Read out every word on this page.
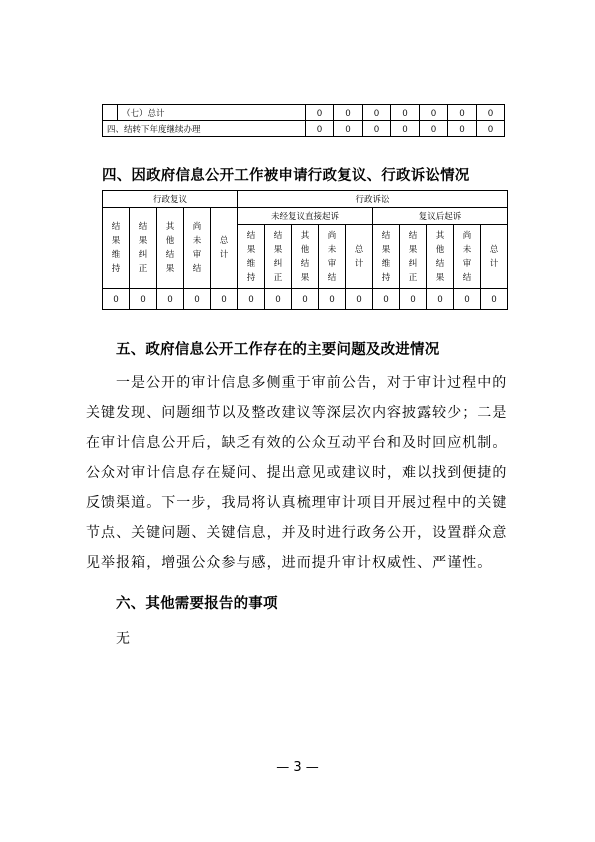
	（七）总计	0	0	0	0	0	0	0
四、结转下年度继续办理		0	0	0	0	0	0	0
四、因政府信息公开工作被申请行政复议、行政诉讼情况
行政复议					行政诉讼									
结果维持	结果纠正	其他结果	尚未审结	总计	未经复议直接起诉					复议后起诉				
					结果维持	结果纠正	其他结果	尚未审结	总计	结果维持	结果纠正	其他结果	尚未审结	总计
0	0	0	0	0	0	0	0	0	0	0	0	0	0	0
五、政府信息公开工作存在的主要问题及改进情况
一是公开的审计信息多侧重于审前公告，对于审计过程中的
关键发现、问题细节以及整改建议等深层次内容披露较少；二是
在审计信息公开后，缺乏有效的公众互动平台和及时回应机制。
公众对审计信息存在疑问、提出意见或建议时，难以找到便捷的
反馈渠道。下一步，我局将认真梳理审计项目开展过程中的关键
节点、关键问题、关键信息，并及时进行政务公开，设置群众意
见举报箱，增强公众参与感，进而提升审计权威性、严谨性。
六、其他需要报告的事项
无
— 3 —
